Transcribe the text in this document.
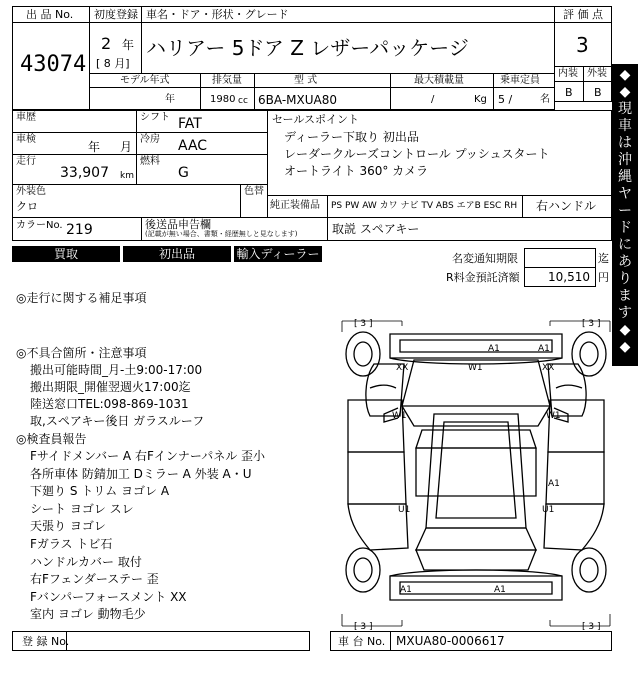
出 品 No.
43074
初度登録
2 年
[ 8 月]
車名・ドア・形状・グレード
ハリアー 5ドア Z レザーパッケージ
評 価 点
3
内装 外装
B B
モデル年式
年
排気量
1980 cc
型 式
6BA-MXUA80
最大積載量
/	Kg
乗車定員
5 /	名
◆
◆
現
車
は
沖
縄
ヤ
ー
ド
に
あ
り
ま
す
◆
◆
車歴	シフト FAT
車検
年 月
冷房 AAC
走行
33,907 km
燃料
G
外装色
クロ
色替
セールスポイント
ディーラー下取り 初出品
レーダークルーズコントロール プッシュスタート
オートライト 360° カメラ
純正装備品 PS PW AW カワ ナビ TV ABS エアB ESC RH 右ハンドル
カラーNo. 219	後送品申告欄
(記載が無い場合、書類・経歴無しと見なします)	取説 スペアキー
買取	初出品	輸入ディーラー	名変通知期限	迄
R料金預託済額 10,510 円
◎走行に関する補足事項
◎不具合箇所・注意事項
搬出可能時間_月-土9:00-17:00
搬出期限_開催翌週火17:00迄
陸送窓口TEL:098-869-1031
取,スペアキー後日 ガラスルーフ
◎検査員報告
Fサイドメンバー A 右Fインナーパネル 歪小
各所車体 防錆加工 Dミラー A 外装 A・U
下廻り S トリム ヨゴレ A
シート ヨゴレ スレ
天張り ヨゴレ
Fガラス トビ石
ハンドルカバー 取付
右Fフェンダーステー 歪
Fバンパーフォースメント XX
室内 ヨゴレ 動物毛少
[ 3 ]	[ 3 ]
[ 3 ]	[ 3 ]
A1	A1
W1
XX	XX
W1	W1
A1
U1	U1
A1	A1
登 録 No.	車 台 No. MXUA80-0006617
